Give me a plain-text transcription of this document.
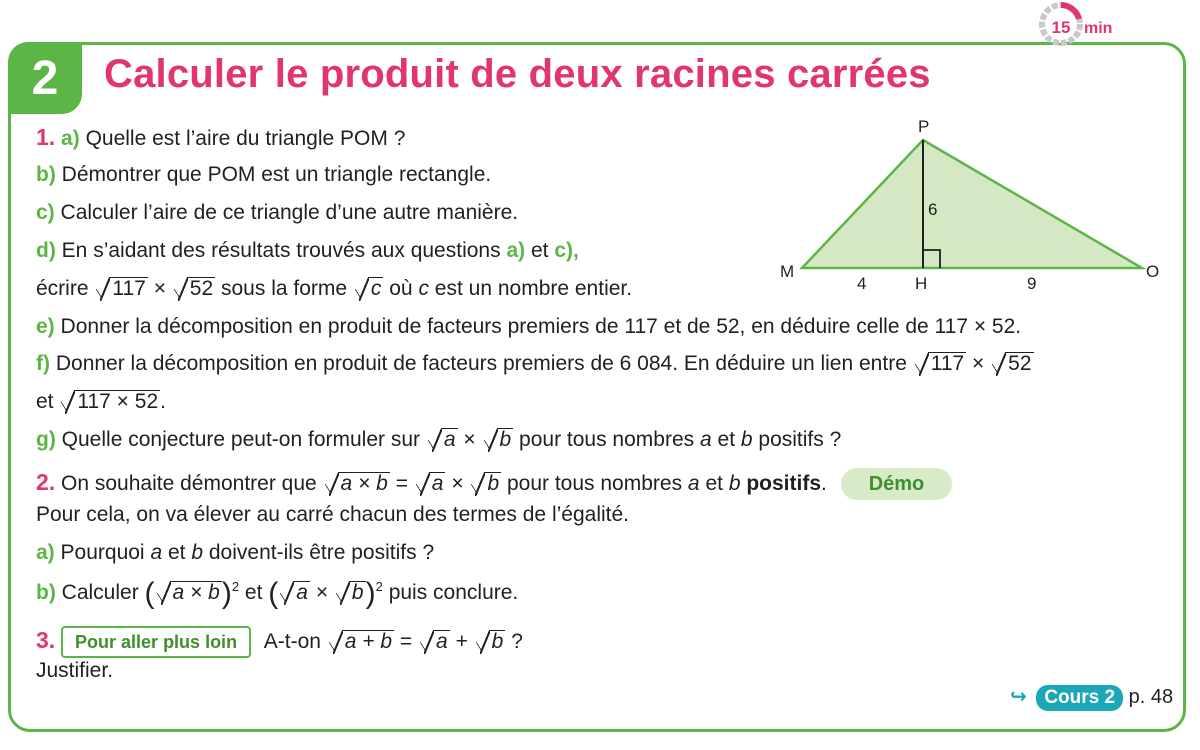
2	Calculer le produit de deux racines carrées
15 min
P
M	O
H
6
4	9
1. a) Quelle est l’aire du triangle POM ?
b) Démontrer que POM est un triangle rectangle.
c) Calculer l’aire de ce triangle d’une autre manière.
d) En s’aidant des résultats trouvés aux questions a) et c),
écrire 117 × 52 sous la forme c où c est un nombre entier.
e) Donner la décomposition en produit de facteurs premiers de 117 et de 52, en déduire celle de 117 × 52.
f) Donner la décomposition en produit de facteurs premiers de 6 084. En déduire un lien entre 117 × 52
et 117 × 52.
g) Quelle conjecture peut-on formuler sur a × b pour tous nombres a et b positifs ?
2. On souhaite démontrer que a × b = a × b pour tous nombres a et b positifs. Démo
Pour cela, on va élever au carré chacun des termes de l’égalité.
a) Pourquoi a et b doivent-ils être positifs ?
b) Calculer ( a × b)$^2$ et ( a × b)$^2$ puis conclure.
3. Pour aller plus loin A-t-on a + b = a + b ?
Justifier.
↪ Cours 2 p. 48
